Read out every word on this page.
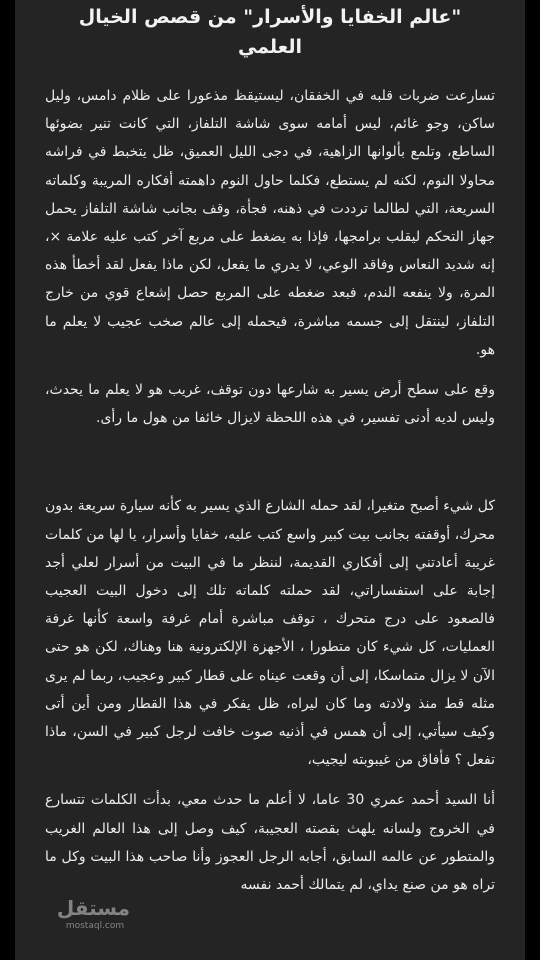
"عالم الخفايا والأسرار" من قصص الخيال العلمي

تسارعت ضربات قلبه في الخفقان، ليستيقظ مذعورا على ظلام دامس، وليل ساكن، وجو غائم، ليس أمامه سوى شاشة التلفاز، التي كانت تنير بضوئها الساطع، وتلمع بألوانها الزاهية، في دجى الليل العميق، ظل يتخبط في فراشه محاولا النوم، لكنه لم يستطع، فكلما حاول النوم داهمته أفكاره المريبة وكلماته السريعة، التي لطالما ترددت في ذهنه، فجأة، وقف بجانب شاشة التلفاز يحمل جهاز التحكم ليقلب برامجها، فإذا به يضغط على مربع آخر كتب عليه علامة ×، إنه شديد النعاس وفاقد الوعي، لا يدري ما يفعل، لكن ماذا يفعل لقد أخطأ هذه المرة، ولا ينفعه الندم، فبعد ضغطه على المربع حصل إشعاع قوي من خارج التلفاز، لينتقل إلى جسمه مباشرة، فيحمله إلى عالم صخب عجيب لا يعلم ما هو.

وقع على سطح أرض يسير به شارعها دون توقف، غريب هو لا يعلم ما يحدث، وليس لديه أدنى تفسير، في هذه اللحظة لايزال خائفا من هول ما رأى.

كل شيء أصبح متغيرا، لقد حمله الشارع الذي يسير به كأنه سيارة سريعة بدون محرك، أوقفته بجانب بيت كبير واسع كتب عليه، خفايا وأسرار، يا لها من كلمات غريبة أعادتني إلى أفكاري القديمة، لننظر ما في البيت من أسرار لعلي أجد إجابة على استفساراتي، لقد حملته كلماته تلك إلى دخول البيت العجيب فالصعود على درج متحرك ، توقف مباشرة أمام غرفة واسعة كأنها غرفة العمليات، كل شيء كان متطورا ، الأجهزة الإلكترونية هنا وهناك، لكن هو حتى الآن لا يزال متماسكا، إلى أن وقعت عيناه على قطار كبير وعجيب، ربما لم يرى مثله قط منذ ولادته وما كان ليراه، ظل يفكر في هذا القطار ومن أين أتى وكيف سيأتي، إلى أن همس في أذنيه صوت خافت لرجل كبير في السن، ماذا تفعل ؟ فأفاق من غيبوبته ليجيب،

أنا السيد أحمد عمري 30 عاما، لا أعلم ما حدث معي، بدأت الكلمات تتسارع في الخروج ولسانه يلهث بقصته العجيبة، كيف وصل إلى هذا العالم الغريب والمتطور عن عالمه السابق، أجابه الرجل العجوز وأنا صاحب هذا البيت وكل ما تراه هو من صنع يداي، لم يتمالك أحمد نفسه

مستقل
mostaql.com
